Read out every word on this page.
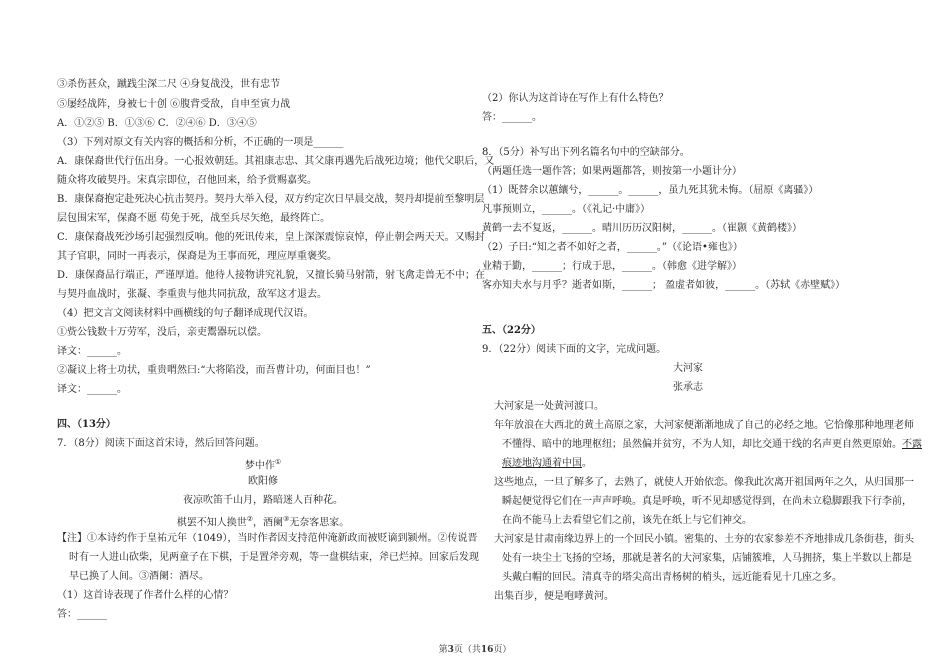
③杀伤甚众，蹴践尘深二尺 ④身复战没，世有忠节
⑤屡经战阵，身被七十创 ⑥腹背受敌，自申至寅力战
A．①②⑤ B．①③⑥ C．②④⑥ D．③④⑤
（3）下列对原文有关内容的概括和分析，不正确的一项是______
A．康保裔世代行伍出身。一心报效朝廷。其祖康志忠、其父康再遇先后战死边境；他代父职后，又
随众将攻破契丹。宋真宗即位，召他回来，给予赏赐嘉奖。
B．康保裔抱定赴死决心抗击契丹。契丹大举入侵，双方约定次日早晨交战，契丹却提前至黎明层
层包围宋军，保裔不愿 苟免于死，战至兵尽矢绝，最终阵亡。
C．康保裔战死沙场引起强烈反响。他的死讯传来，皇上深深震惊哀悼，停止朝会两天天。又赐封
其子官职，同时一再表示，保裔是为王事而死，理应厚重褒奖。
D．康保裔品行端正，严谨厚道。他待人接物讲究礼貌，又擅长骑马射箭，射飞禽走兽无不中；在
与契丹血战时，张凝、李重贵与他共同抗敌，敌军这才退去。
（4）把文言文阅读材料中画横线的句子翻译成现代汉语。
①赀公钱数十万劳军，没后，亲吏鬻器玩以偿。
译文：______。
②凝议上将士功状，重贵喟然曰:“大将陷没，而吾曹计功，何面目也！”
译文：______。
四、（13分）
7．（8分）阅读下面这首宋诗，然后回答问题。
梦中作①
欧阳修
夜凉吹笛千山月，路暗迷人百种花。
棋罢不知人换世②，酒阑③无奈客思家。
【注】①本诗约作于皇祐元年（1049），当时作者因支持范仲淹新政而被贬谪到颍州。②传说晋
时有一人进山砍柴，见两童子在下棋，于是置斧旁观，等一盘棋结束，斧已烂掉。回家后发现
早已换了人间。③酒阑：酒尽。
（1）这首诗表现了作者什么样的心情？
答：______
（2）你认为这首诗在写作上有什么特色？
答：______。
8．（5分）补写出下列名篇名句中的空缺部分。
（两题任选一题作答；如果两题都答，则按第一小题计分）
（1）既替余以蕙纕兮，______。______，虽九死其犹未悔。（屈原《离骚》）
凡事预则立，______。（《礼记·中庸》）
黄鹤一去不复返，______。晴川历历汉阳树，______。（崔颢《黄鹤楼》）
（2）子曰:“知之者不如好之者，______。”（《论语•雍也》）
业精于勤，______；行成于思，______。（韩愈《进学解》）
客亦知夫水与月乎？逝者如斯，______； 盈虚者如彼，______。（苏轼《赤壁赋》）
五、（22分）
9．（22分）阅读下面的文字，完成问题。
大河家
张承志
大河家是一处黄河渡口。
年年放浪在大西北的黄土高原之家，大河家便渐渐地成了自己的必经之地。它恰像那种地理老师
不懂得、暗中的地理枢纽；虽然偏并贫穷，不为人知，却比交通干线的名声更自然更原始。不露
痕迹地沟通着中国。
这些地点，一旦了解多了，去熟了，就使人开始依恋。像我此次离开祖国两年之久，从归国那一
瞬起便觉得它们在一声声呼唤。真是呼唤，听不见却感觉得到，在尚未立稳脚跟我下行李前，
在尚不能马上去看望它们之前，该先在纸上与它们神交。
大河家是甘肃南缘边界上的一个回民小镇。密集的、土夯的农家参差不齐地排成几条街巷，街头
处有一块尘土飞扬的空场，那就是著名的大河家集，店铺簇堆，人马拥挤，集上半数以上都是
头戴白帽的回民。清真寺的塔尖高出青杨树的梢头，远近能看见十几座之多。
出集百步，便是咆哮黄河。
第3页（共16页）
